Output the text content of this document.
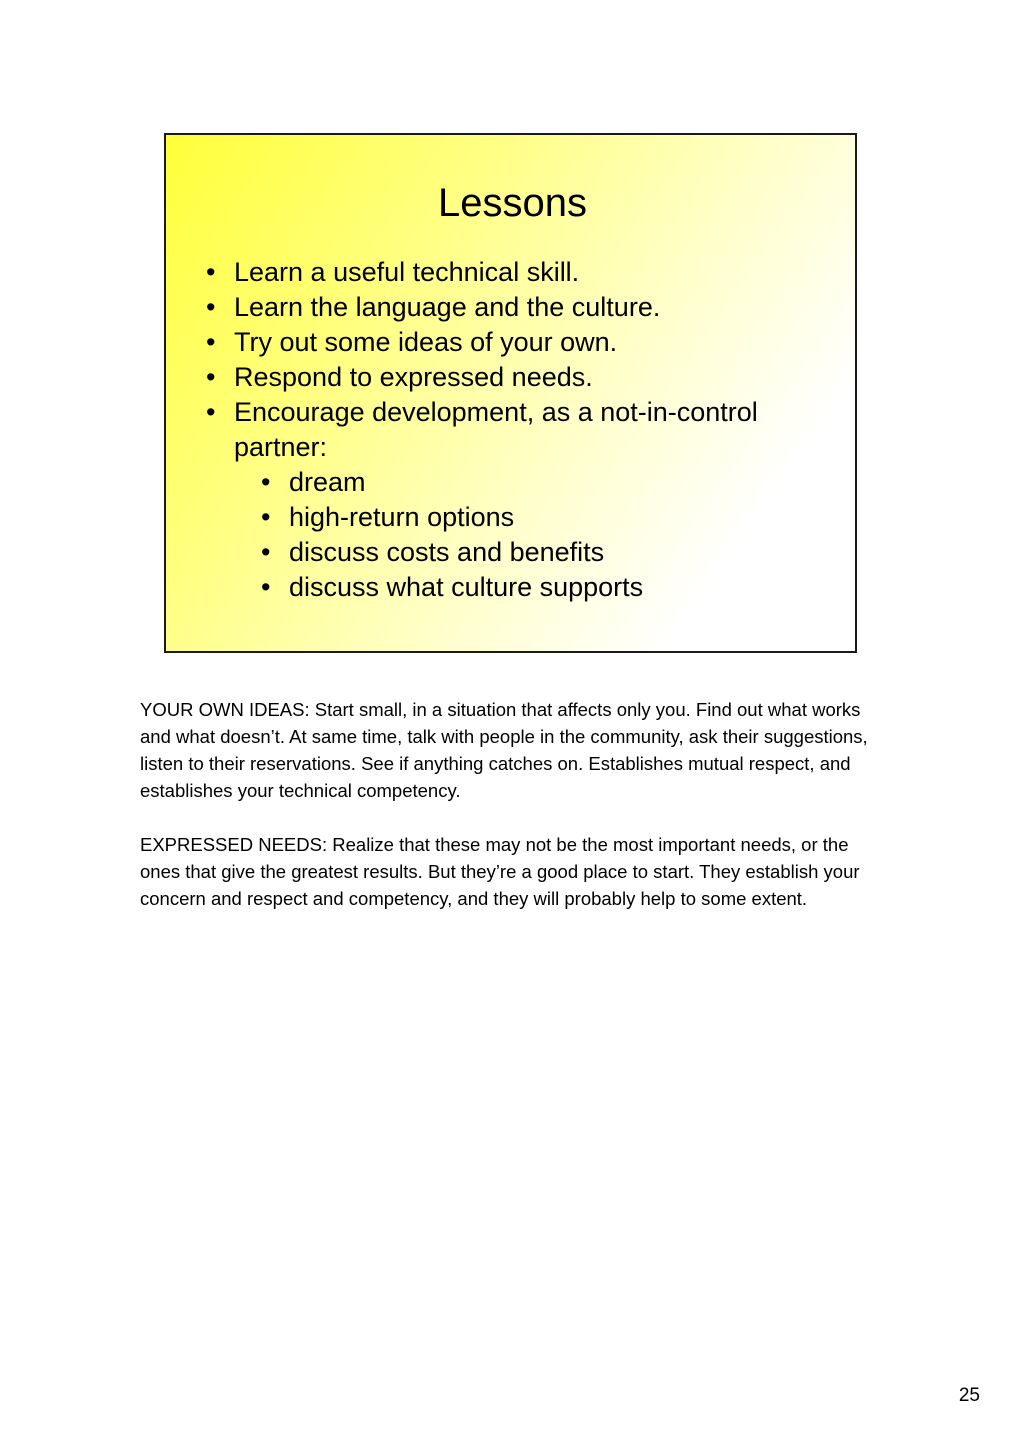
Lessons
• Learn a useful technical skill.
• Learn the language and the culture.
• Try out some ideas of your own.
• Respond to expressed needs.
• Encourage development, as a not-in-control partner:
• dream
• high-return options
• discuss costs and benefits
• discuss what culture supports

YOUR OWN IDEAS: Start small, in a situation that affects only you. Find out what works and what doesn’t. At same time, talk with people in the community, ask their suggestions, listen to their reservations. See if anything catches on. Establishes mutual respect, and establishes your technical competency.

EXPRESSED NEEDS: Realize that these may not be the most important needs, or the ones that give the greatest results. But they’re a good place to start. They establish your concern and respect and competency, and they will probably help to some extent.

25
